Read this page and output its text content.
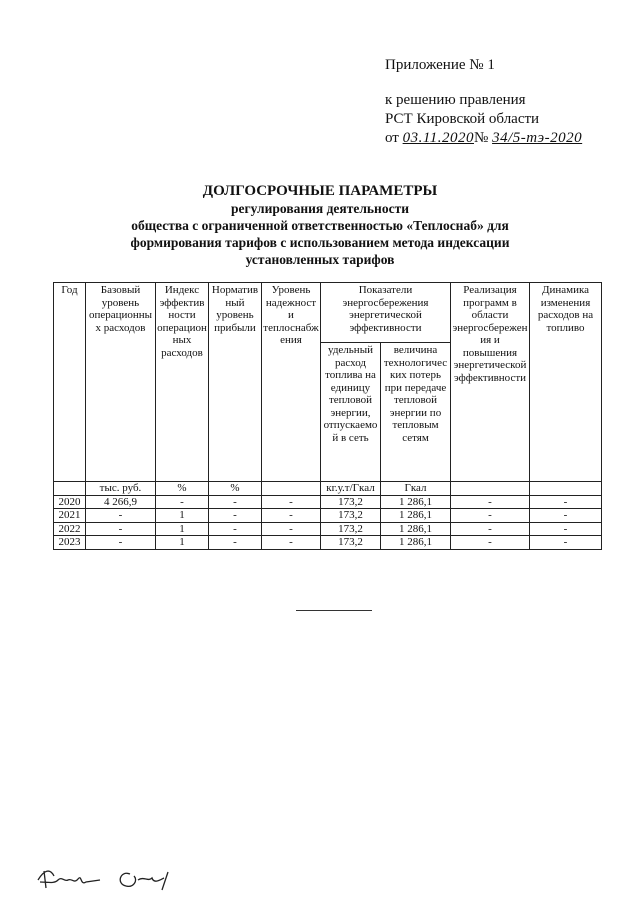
Приложение № 1
к решению правления
РСТ Кировской области
от 03.11.2020№ 34/5-тэ-2020
ДОЛГОСРОЧНЫЕ ПАРАМЕТРЫ
регулирования деятельности
общества с ограниченной ответственностью «Теплоснаб» для
формирования тарифов с использованием метода индексации
установленных тарифов
Год	Базовый уровень операционных расходов	Индекс эффективности операционных расходов	Нормативный уровень прибыли	Уровень надежности теплоснабжения	Показатели энергосбережения энергетической эффективности		Реализация программ в области энергосбережения и повышения энергетической эффективности	Динамика изменения расходов на топливо
					удельный расход топлива на единицу тепловой энергии, отпускаемой в сеть	величина технологических потерь при передаче тепловой энергии по тепловым сетям		

	тыс. руб.	%	%		кг.у.т/Гкал	Гкал		
2020	4 266,9	-	-	-	173,2	1 286,1	-	-
2021	-	1	-	-	173,2	1 286,1	-	-
2022	-	1	-	-	173,2	1 286,1	-	-
2023	-	1	-	-	173,2	1 286,1	-	-
